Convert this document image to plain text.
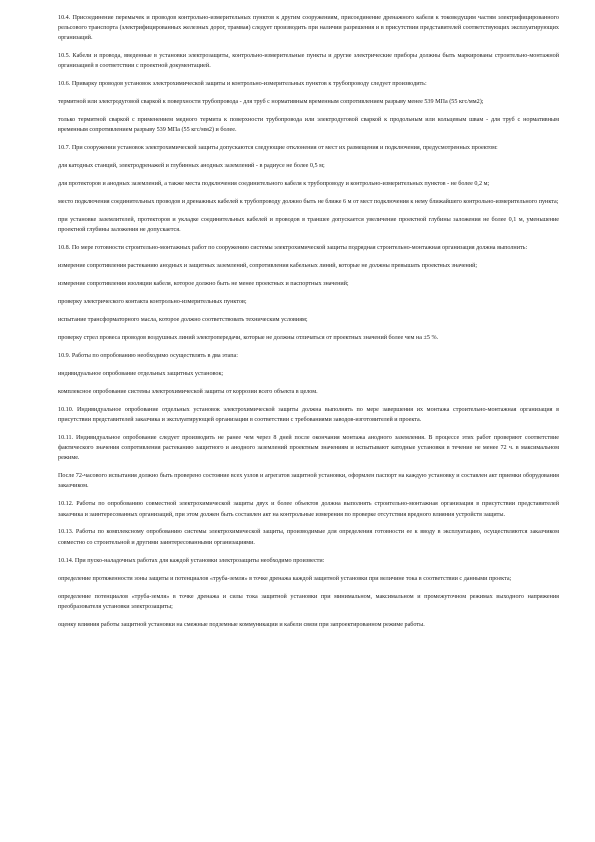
10.4. Присоединение перемычек и проводов контрольно-измерительных пунктов к другим сооружениям, присоединение дренажного кабеля к токоведущим частям электрифицированного рельсового транспорта (электрифицированных железных дорог, трамвая) следует производить при наличии разрешения и в присутствии представителей соответствующих эксплуатирующих организаций.

10.5. Кабели и провода, введенные в установки электрозащиты, контрольно-измерительные пункты и другие электрические приборы должны быть маркированы строительно-монтажной организацией в соответствии с проектной документацией.

10.6. Приварку проводов установок электрохимической защиты и контрольно-измерительных пунктов к трубопроводу следует производить:

термитной или электродуговой сваркой к поверхности трубопровода - для труб с нормативным временным сопротивлением разрыву менее 539 МПа (55 кгс/мм2);

только термитной сваркой с применением медного термита к поверхности трубопровода или электродуговой сваркой к продольным или кольцевым швам - для труб с нормативным временным сопротивлением разрыву 539 МПа (55 кгс/мм2) и более.

10.7. При сооружении установок электрохимической защиты допускаются следующие отклонения от мест их размещения и подключения, предусмотренных проектом:

для катодных станций, электродренажей и глубинных анодных заземлений - в радиусе не более 0,5 м;

для протекторов и анодных заземлений, а также места подключения соединительного кабеля к трубопроводу и контрольно-измерительных пунктов - не более 0,2 м;

место подключения соединительных проводов и дренажных кабелей к трубопроводу должно быть не ближе 6 м от мест подключения к нему ближайшего контрольно-измерительного пункта;

при установке заземлителей, протекторов и укладке соединительных кабелей и проводов в траншее допускается увеличение проектной глубины заложения не более 0,1 м, уменьшение проектной глубины заложения не допускается.

10.8. По мере готовности строительно-монтажных работ по сооружению системы электрохимической защиты подрядная строительно-монтажная организация должна выполнить:

измерение сопротивления растеканию анодных и защитных заземлений, сопротивления кабельных линий, которые не должны превышать проектных значений;

измерение сопротивления изоляции кабеля, которое должно быть не менее проектных и паспортных значений;

проверку электрического контакта контрольно-измерительных пунктов;

испытание трансформаторного масла, которое должно соответствовать техническим условиям;

проверку стрел провеса проводов воздушных линий электропередачи, которые не должны отличаться от проектных значений более чем на ±5 %.

10.9. Работы по опробованию необходимо осуществлять в два этапа:

индивидуальное опробование отдельных защитных установок;

комплексное опробование системы электрохимической защиты от коррозии всего объекта в целом.

10.10. Индивидуальное опробование отдельных установок электрохимической защиты должна выполнять по мере завершения их монтажа строительно-монтажная организация в присутствии представителей заказчика и эксплуатирующей организации в соответствии с требованиями заводов-изготовителей и проекта.

10.11. Индивидуальное опробование следует производить не ранее чем через 8 дней после окончания монтажа анодного заземления. В процессе этих работ проверяют соответствие фактического значения сопротивления растеканию защитного и анодного заземлений проектным значениям и испытывают катодные установки в течение не менее 72 ч. в максимальном режиме.

После 72-часового испытания должно быть проверено состояние всех узлов и агрегатов защитной установки, оформлен паспорт на каждую установку и составлен акт приемки оборудования заказчиком.

10.12. Работы по опробованию совместной электрохимической защиты двух и более объектов должна выполнять строительно-монтажная организация в присутствии представителей заказчика и заинтересованных организаций, при этом должен быть составлен акт на контрольные измерения по проверке отсутствия вредного влияния устройств защиты.

10.13. Работы по комплексному опробованию системы электрохимической защиты, производимые для определения готовности ее к вводу в эксплуатацию, осуществляются заказчиком совместно со строительной и другими заинтересованными организациями.

10.14. При пуско-наладочных работах для каждой установки электрозащиты необходимо произвести:

определение протяженности зоны защиты и потенциалов «труба-земля» в точке дренажа каждой защитной установки при величине тока в соответствии с данными проекта;

определение потенциалов «труба-земля» в точке дренажа и силы тока защитной установки при минимальном, максимальном и промежуточном режимах выходного напряжения преобразователя установки электрозащиты;

оценку влияния работы защитной установки на смежные подземные коммуникации и кабели связи при запроектированном режиме работы.
